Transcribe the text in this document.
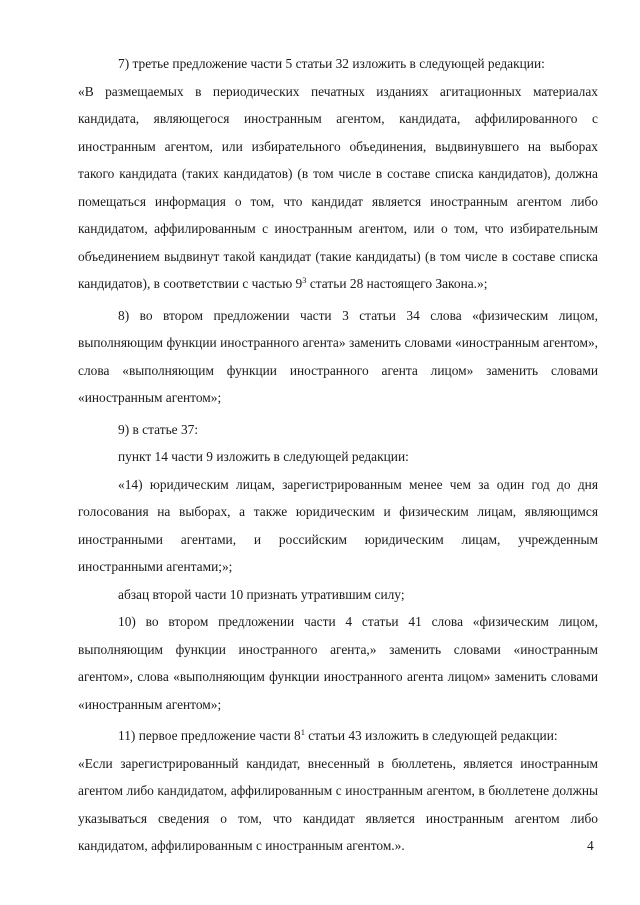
7) третье предложение части 5 статьи 32 изложить в следующей редакции:

«В размещаемых в периодических печатных изданиях агитационных материалах кандидата, являющегося иностранным агентом, кандидата, аффилированного с иностранным агентом, или избирательного объединения, выдвинувшего на выборах такого кандидата (таких кандидатов) (в том числе в составе списка кандидатов), должна помещаться информация о том, что кандидат является иностранным агентом либо кандидатом, аффилированным с иностранным агентом, или о том, что избирательным объединением выдвинут такой кандидат (такие кандидаты) (в том числе в составе списка кандидатов), в соответствии с частью $9^3$ статьи 28 настоящего Закона.»;

8) во втором предложении части 3 статьи 34 слова «физическим лицом, выполняющим функции иностранного агента» заменить словами «иностранным агентом», слова «выполняющим функции иностранного агента лицом» заменить словами «иностранным агентом»;

9) в статье 37:

пункт 14 части 9 изложить в следующей редакции:

«14) юридическим лицам, зарегистрированным менее чем за один год до дня голосования на выборах, а также юридическим и физическим лицам, являющимся иностранными агентами, и российским юридическим лицам, учрежденным иностранными агентами;»;

абзац второй части 10 признать утратившим силу;

10) во втором предложении части 4 статьи 41 слова «физическим лицом, выполняющим функции иностранного агента,» заменить словами «иностранным агентом», слова «выполняющим функции иностранного агента лицом» заменить словами «иностранным агентом»;

11) первое предложение части $8^1$ статьи 43 изложить в следующей редакции:

«Если зарегистрированный кандидат, внесенный в бюллетень, является иностранным агентом либо кандидатом, аффилированным с иностранным агентом, в бюллетене должны указываться сведения о том, что кандидат является иностранным агентом либо кандидатом, аффилированным с иностранным агентом.».	4
